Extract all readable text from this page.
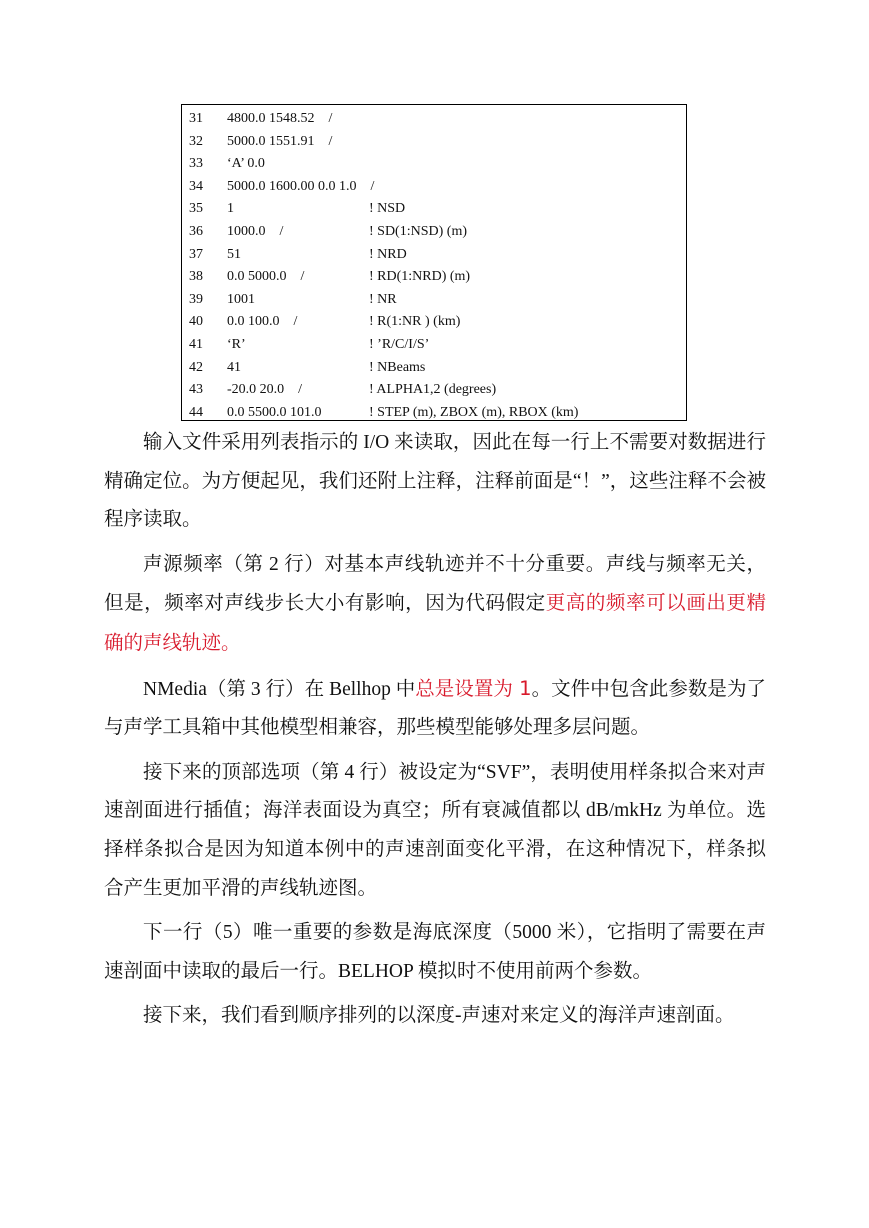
31 4800.0 1548.52    /
32 5000.0 1551.91    /
33 ‘A’ 0.0
34 5000.0 1600.00 0.0 1.0    /
35 1	! NSD
36 1000.0    /	! SD(1:NSD) (m)
37 51	! NRD
38 0.0 5000.0    /	! RD(1:NRD) (m)
39 1001	! NR
40 0.0 100.0    /	! R(1:NR ) (km)
41 ‘R’	! ’R/C/I/S’
42 41	! NBeams
43 -20.0 20.0    /	! ALPHA1,2 (degrees)
44 0.0 5500.0 101.0	! STEP (m), ZBOX (m), RBOX (km)

输入文件采用列表指示的 I/O 来读取，因此在每一行上不需要对数据进行精确定位。为方便起见，我们还附上注释，注释前面是“！”，这些注释不会被程序读取。

声源频率（第 2 行）对基本声线轨迹并不十分重要。声线与频率无关，但是，频率对声线步长大小有影响，因为代码假定更高的频率可以画出更精确的声线轨迹。

NMedia（第 3 行）在 Bellhop 中总是设置为 1。文件中包含此参数是为了与声学工具箱中其他模型相兼容，那些模型能够处理多层问题。

接下来的顶部选项（第 4 行）被设定为“SVF”，表明使用样条拟合来对声速剖面进行插值；海洋表面设为真空；所有衰减值都以 dB/mkHz 为单位。选择样条拟合是因为知道本例中的声速剖面变化平滑，在这种情况下，样条拟合产生更加平滑的声线轨迹图。

下一行（5）唯一重要的参数是海底深度（5000 米），它指明了需要在声速剖面中读取的最后一行。BELHOP 模拟时不使用前两个参数。

接下来，我们看到顺序排列的以深度-声速对来定义的海洋声速剖面。
